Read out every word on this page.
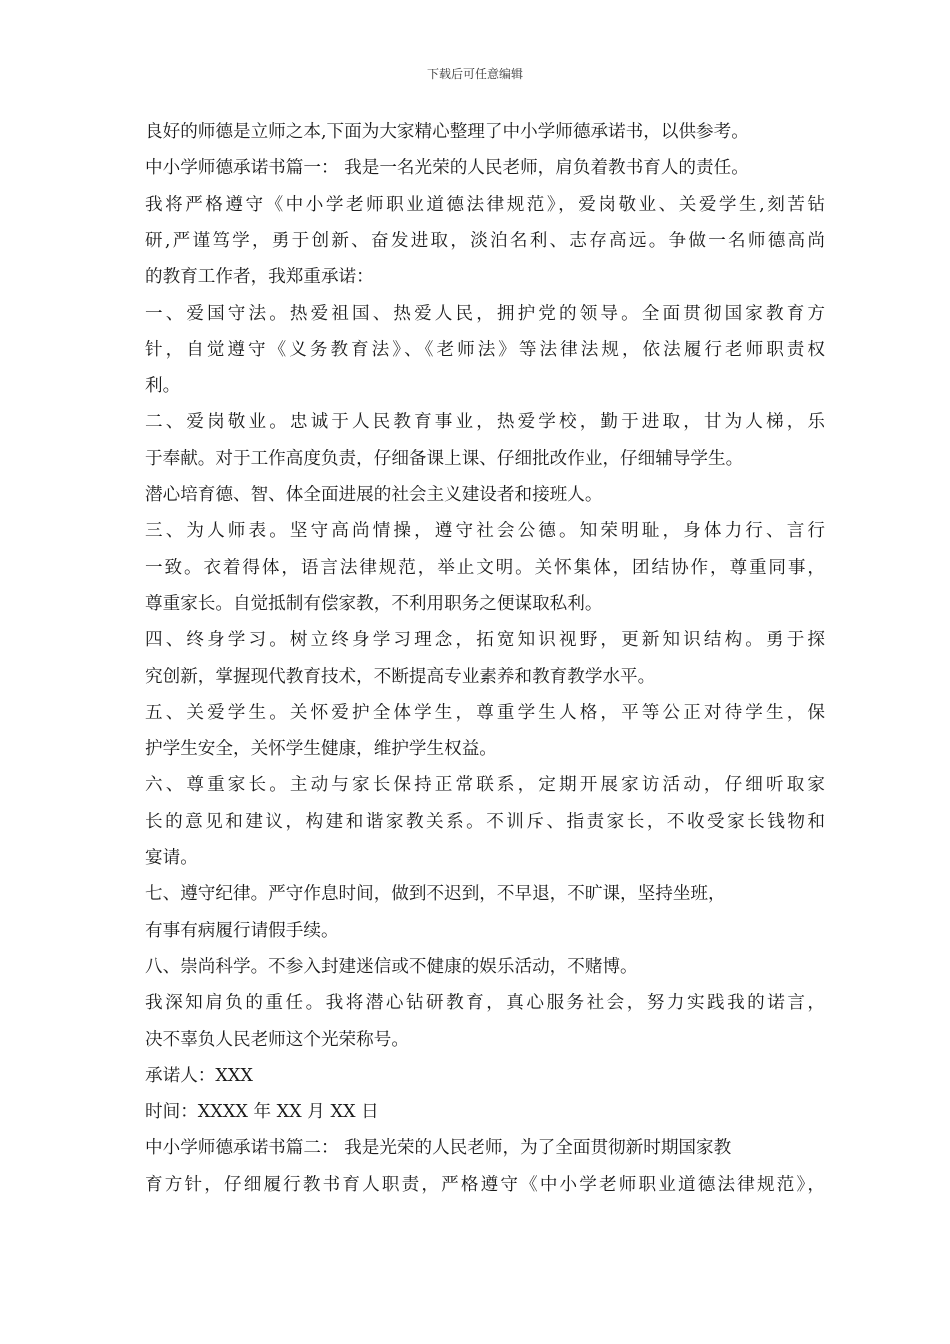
下载后可任意编辑
良好的师德是立师之本,下面为大家精心整理了中小学师德承诺书，以供参考。
中小学师德承诺书篇一： 我是一名光荣的人民老师，肩负着教书育人的责任。
我将严格遵守《中小学老师职业道德法律规范》，爱岗敬业、关爱学生,刻苦钻
研,严谨笃学，勇于创新、奋发进取，淡泊名利、志存高远。争做一名师德高尚
的教育工作者，我郑重承诺：
一、爱国守法。热爱祖国、热爱人民，拥护党的领导。全面贯彻国家教育方
针，自觉遵守《义务教育法》、《老师法》等法律法规，依法履行老师职责权
利。
二、爱岗敬业。忠诚于人民教育事业，热爱学校，勤于进取，甘为人梯，乐
于奉献。对于工作高度负责，仔细备课上课、仔细批改作业，仔细辅导学生。
潜心培育德、智、体全面进展的社会主义建设者和接班人。
三、为人师表。坚守高尚情操，遵守社会公德。知荣明耻，身体力行、言行
一致。衣着得体，语言法律规范，举止文明。关怀集体，团结协作，尊重同事，
尊重家长。自觉抵制有偿家教，不利用职务之便谋取私利。
四、终身学习。树立终身学习理念，拓宽知识视野，更新知识结构。勇于探
究创新，掌握现代教育技术，不断提高专业素养和教育教学水平。
五、关爱学生。关怀爱护全体学生，尊重学生人格，平等公正对待学生，保
护学生安全，关怀学生健康，维护学生权益。
六、尊重家长。主动与家长保持正常联系，定期开展家访活动，仔细听取家
长的意见和建议，构建和谐家教关系。不训斥、指责家长，不收受家长钱物和
宴请。
七、遵守纪律。严守作息时间，做到不迟到，不早退，不旷课，坚持坐班，
有事有病履行请假手续。
八、崇尚科学。不参入封建迷信或不健康的娱乐活动，不赌博。
我深知肩负的重任。我将潜心钻研教育，真心服务社会，努力实践我的诺言，
决不辜负人民老师这个光荣称号。
承诺人：XXX
时间：XXXX 年 XX 月 XX 日
中小学师德承诺书篇二： 我是光荣的人民老师，为了全面贯彻新时期国家教
育方针，仔细履行教书育人职责，严格遵守《中小学老师职业道德法律规范》，
